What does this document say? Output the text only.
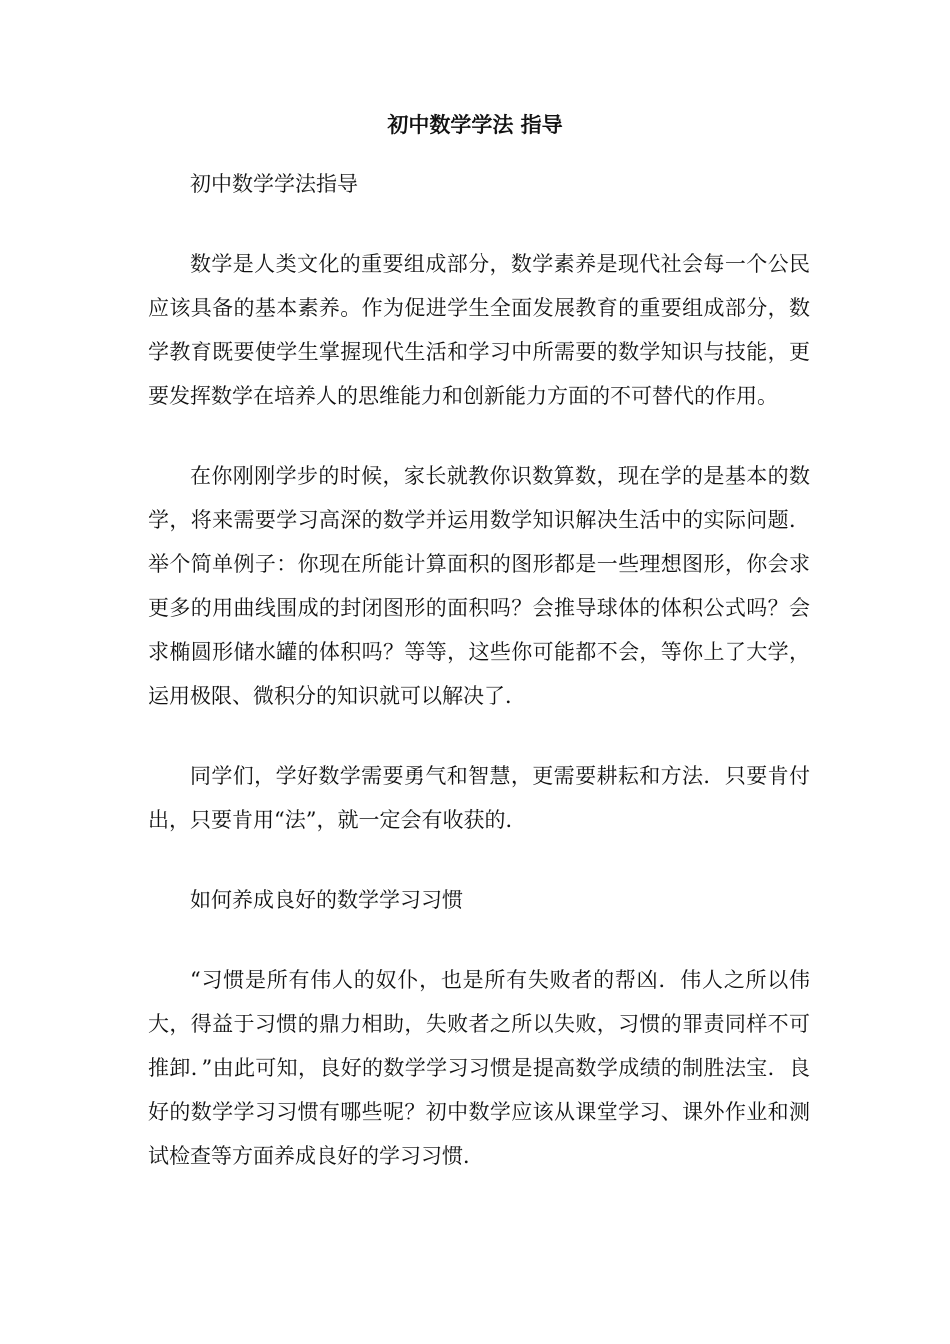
初中数学学法 指导

初中数学学法指导

数学是人类文化的重要组成部分，数学素养是现代社会每一个公民应该具备的基本素养。作为促进学生全面发展教育的重要组成部分，数学教育既要使学生掌握现代生活和学习中所需要的数学知识与技能，更要发挥数学在培养人的思维能力和创新能力方面的不可替代的作用。

在你刚刚学步的时候，家长就教你识数算数，现在学的是基本的数学，将来需要学习高深的数学并运用数学知识解决生活中的实际问题．举个简单例子：你现在所能计算面积的图形都是一些理想图形，你会求更多的用曲线围成的封闭图形的面积吗？会推导球体的体积公式吗？会求椭圆形储水罐的体积吗？等等，这些你可能都不会，等你上了大学，运用极限、微积分的知识就可以解决了．

同学们，学好数学需要勇气和智慧，更需要耕耘和方法．只要肯付出，只要肯用“法”，就一定会有收获的．

如何养成良好的数学学习习惯

“习惯是所有伟人的奴仆，也是所有失败者的帮凶．伟人之所以伟大，得益于习惯的鼎力相助，失败者之所以失败，习惯的罪责同样不可推卸．”由此可知，良好的数学学习习惯是提高数学成绩的制胜法宝．良好的数学学习习惯有哪些呢？初中数学应该从课堂学习、课外作业和测试检查等方面养成良好的学习习惯．
